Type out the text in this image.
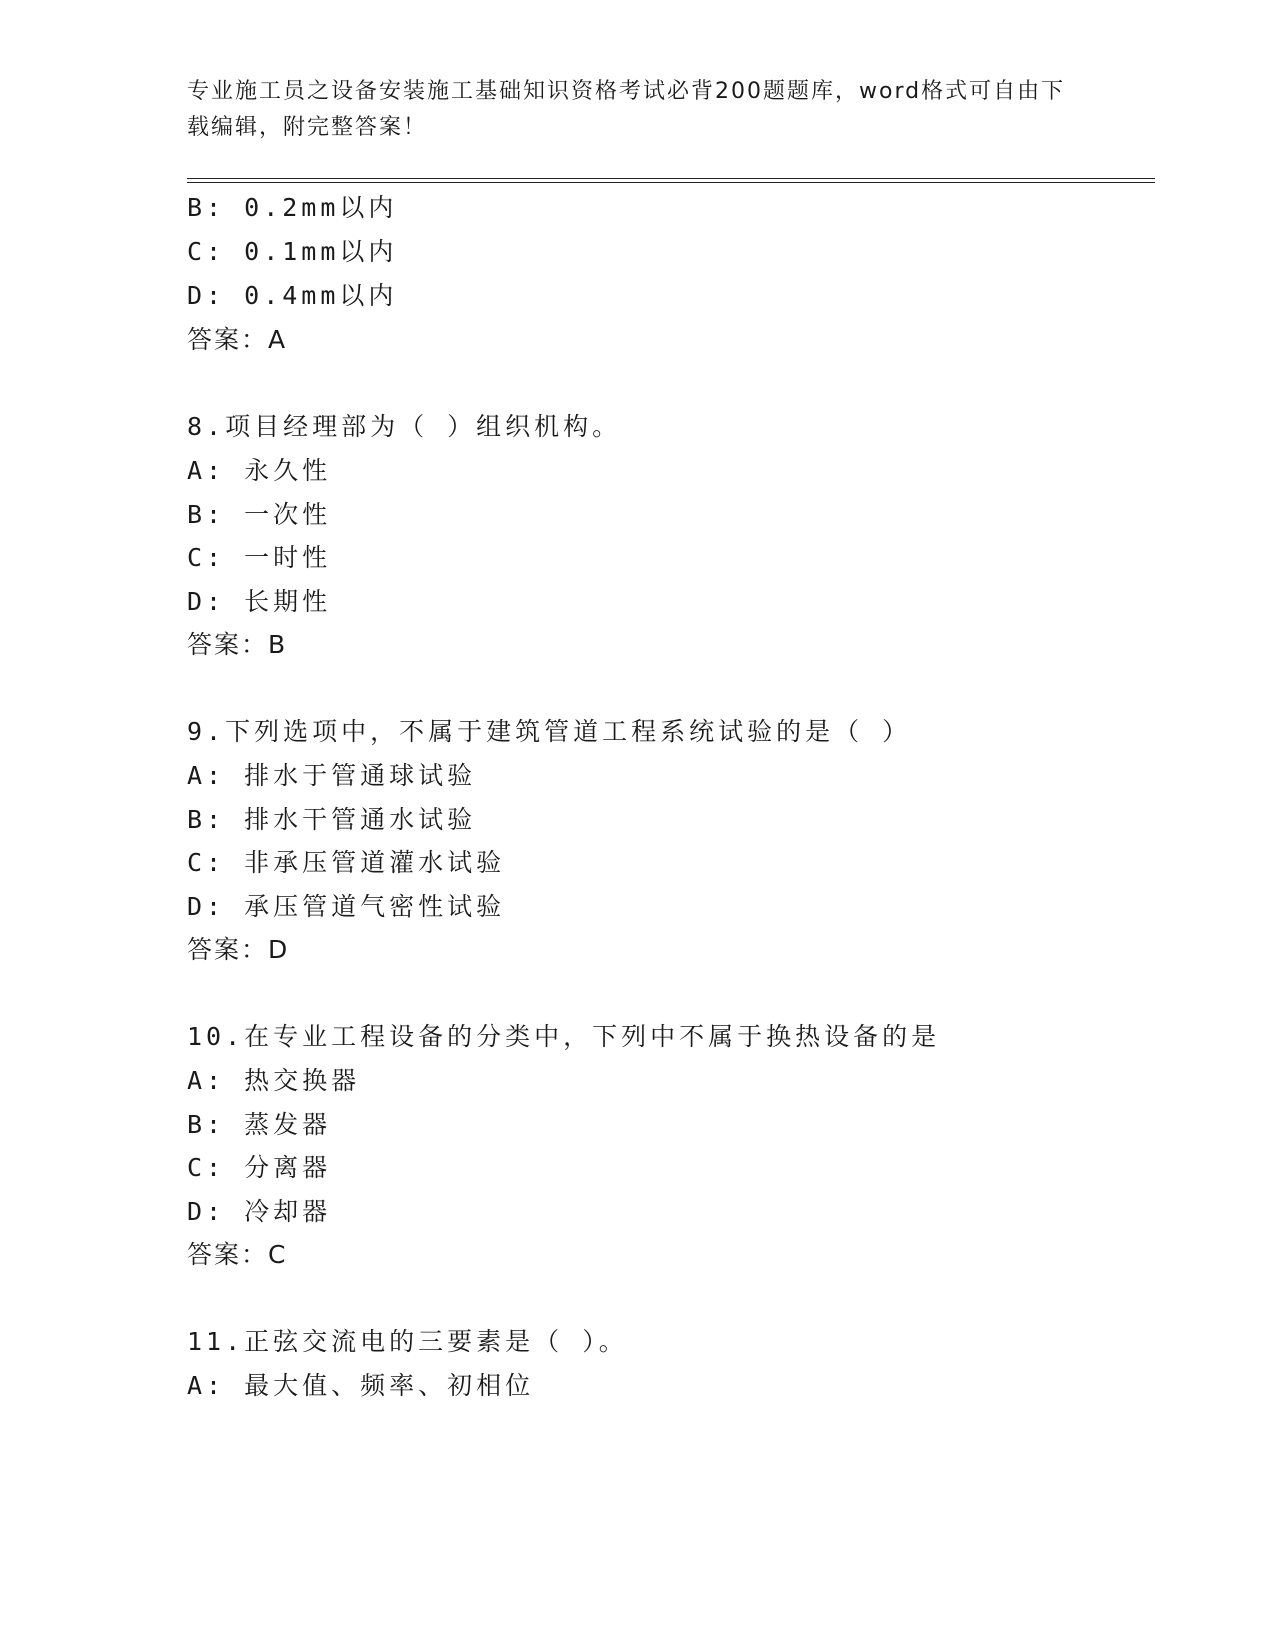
专业施工员之设备安装施工基础知识资格考试必背200题题库，word格式可自由下载编辑，附完整答案！
B: 0.2mm以内
C: 0.1mm以内
D: 0.4mm以内
答案：A
8.项目经理部为（ ）组织机构。
A: 永久性
B: 一次性
C: 一时性
D: 长期性
答案：B
9.下列选项中，不属于建筑管道工程系统试验的是（ ）
A: 排水于管通球试验
B: 排水干管通水试验
C: 非承压管道灌水试验
D: 承压管道气密性试验
答案：D
10.在专业工程设备的分类中，下列中不属于换热设备的是
A: 热交换器
B: 蒸发器
C: 分离器
D: 冷却器
答案：C
11.正弦交流电的三要素是（ ）。
A: 最大值、频率、初相位
